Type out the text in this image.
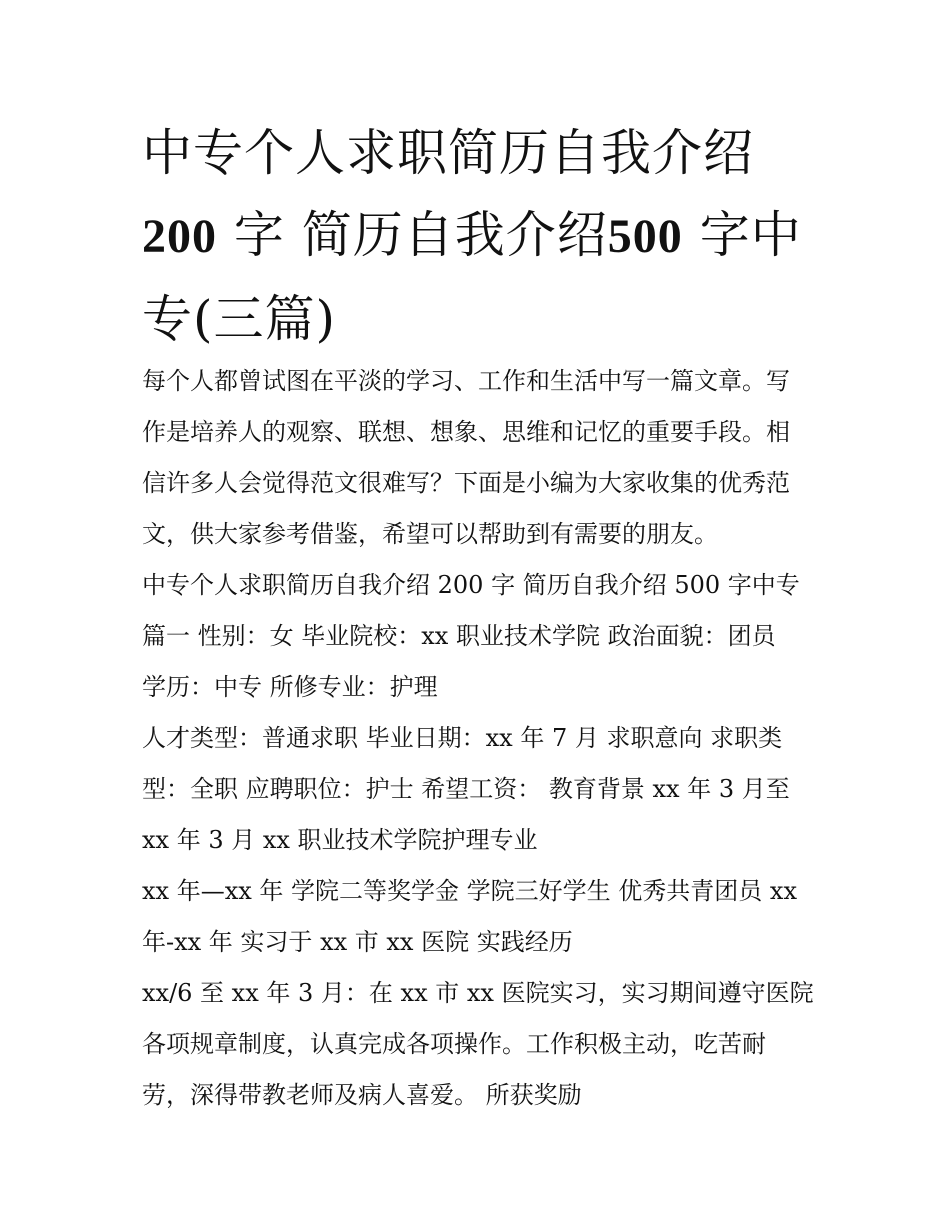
中专个人求职简历自我介绍
200 字 简历自我介绍500 字中
专(三篇)
每个人都曾试图在平淡的学习、工作和生活中写一篇文章。写
作是培养人的观察、联想、想象、思维和记忆的重要手段。相
信许多人会觉得范文很难写？下面是小编为大家收集的优秀范
文，供大家参考借鉴，希望可以帮助到有需要的朋友。
中专个人求职简历自我介绍 200 字 简历自我介绍 500 字中专
篇一 性别：女 毕业院校：xx 职业技术学院 政治面貌：团员
学历：中专 所修专业：护理
人才类型：普通求职 毕业日期：xx 年 7 月 求职意向 求职类
型：全职 应聘职位：护士 希望工资： 教育背景 xx 年 3 月至
xx 年 3 月 xx 职业技术学院护理专业
xx 年—xx 年 学院二等奖学金 学院三好学生 优秀共青团员 xx
年-xx 年 实习于 xx 市 xx 医院 实践经历
xx/6 至 xx 年 3 月：在 xx 市 xx 医院实习，实习期间遵守医院
各项规章制度，认真完成各项操作。工作积极主动，吃苦耐
劳，深得带教老师及病人喜爱。 所获奖励
